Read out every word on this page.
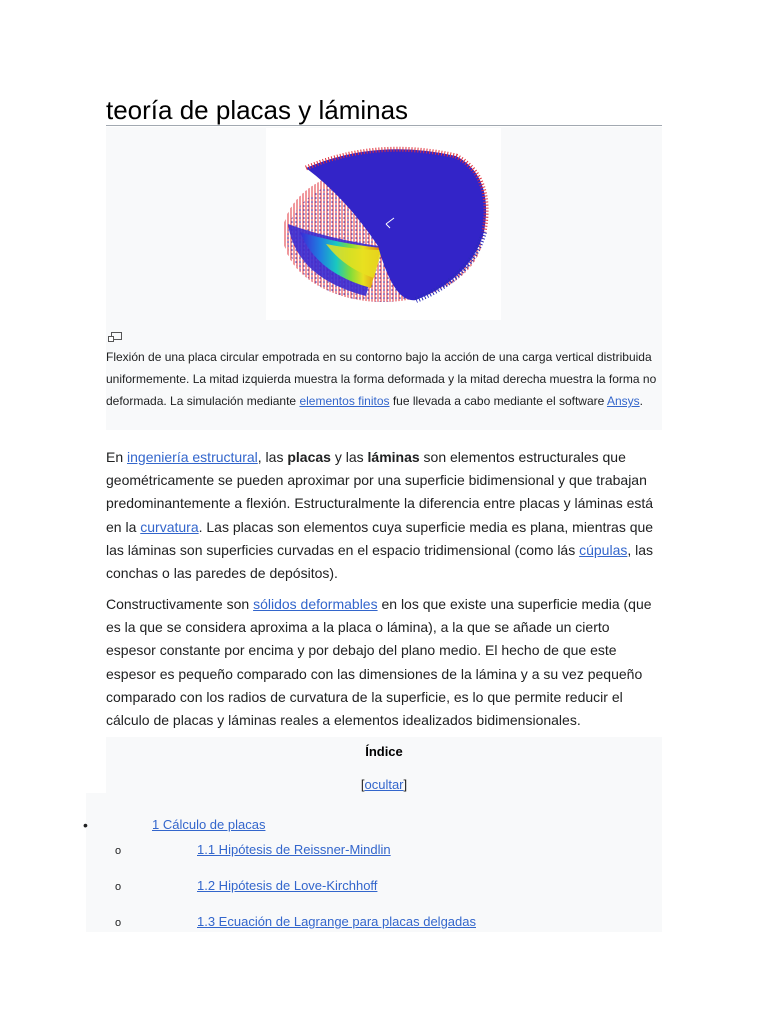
teoría de placas y láminas
Flexión de una placa circular empotrada en su contorno bajo la acción de una carga vertical distribuida uniformemente. La mitad izquierda muestra la forma deformada y la mitad derecha muestra la forma no deformada. La simulación mediante elementos finitos fue llevada a cabo mediante el software Ansys.

En ingeniería estructural, las placas y las láminas son elementos estructurales que geométricamente se pueden aproximar por una superficie bidimensional y que trabajan predominantemente a flexión. Estructuralmente la diferencia entre placas y láminas está en la curvatura. Las placas son elementos cuya superficie media es plana, mientras que las láminas son superficies curvadas en el espacio tridimensional (como lás cúpulas, las conchas o las paredes de depósitos).

Constructivamente son sólidos deformables en los que existe una superficie media (que es la que se considera aproxima a la placa o lámina), a la que se añade un cierto espesor constante por encima y por debajo del plano medio. El hecho de que este espesor es pequeño comparado con las dimensiones de la lámina y a su vez pequeño comparado con los radios de curvatura de la superficie, es lo que permite reducir el cálculo de placas y láminas reales a elementos idealizados bidimensionales.

Índice
[ocultar]
•	1 Cálculo de placas
o	1.1 Hipótesis de Reissner-Mindlin
o	1.2 Hipótesis de Love-Kirchhoff
o	1.3 Ecuación de Lagrange para placas delgadas
